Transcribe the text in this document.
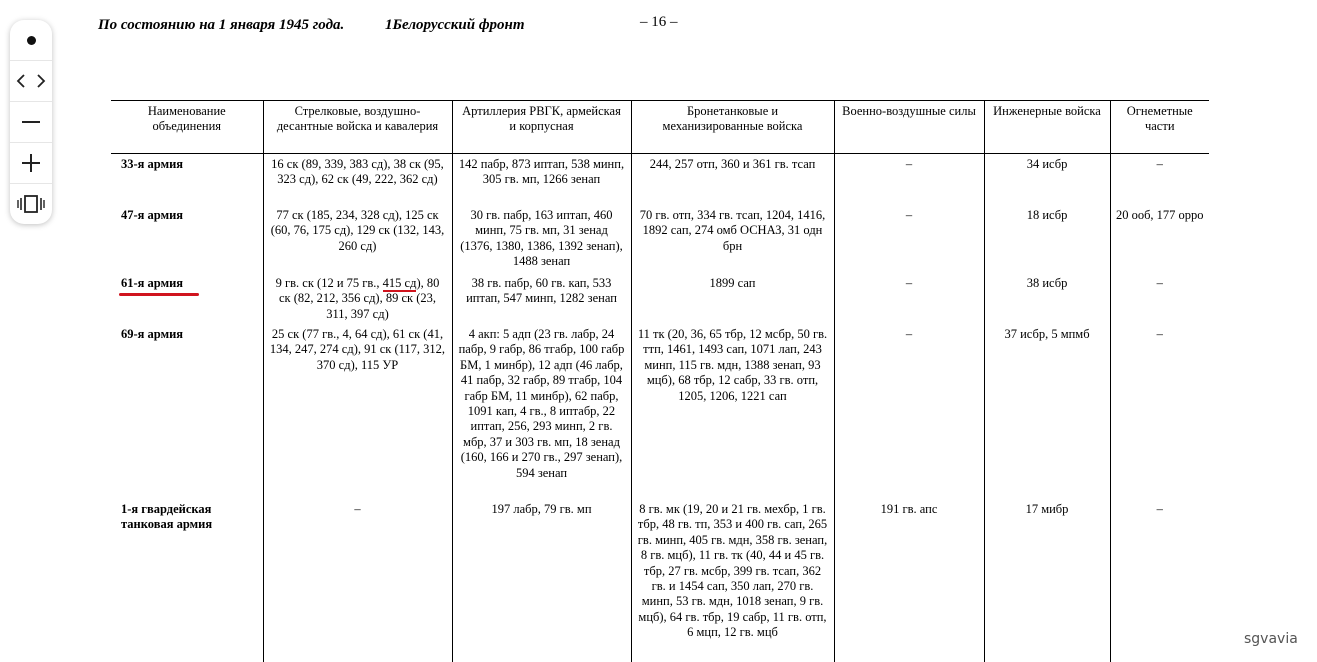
По состоянию на 1 января 1945 года.	1Белорусский фронт	– 16 –
Наименование объединения	Стрелковые, воздушно-десантные войска и кавалерия	Артиллерия РВГК, армейская и корпусная	Бронетанковые и механизированные войска	Военно-воздушные силы	Инженерные войска	Огнеметные части
33-я армия	16 ск (89, 339, 383 сд), 38 ск (95, 323 сд), 62 ск (49, 222, 362 сд)	142 пабр, 873 иптап, 538 минп, 305 гв. мп, 1266 зенап	244, 257 отп, 360 и 361 гв. тсап	–	34 исбр	–
47-я армия	77 ск (185, 234, 328 сд), 125 ск (60, 76, 175 сд), 129 ск (132, 143, 260 сд)	30 гв. пабр, 163 иптап, 460 минп, 75 гв. мп, 31 зенад (1376, 1380, 1386, 1392 зенап), 1488 зенап	70 гв. отп, 334 гв. тсап, 1204, 1416, 1892 сап, 274 омб ОСНАЗ, 31 одн бpн	–	18 исбр	20 ооб, 177 орро
61-я армия	9 гв. ск (12 и 75 гв., 415 сд), 80 ск (82, 212, 356 сд), 89 ск (23, 311, 397 сд)	38 гв. пабр, 60 гв. кап, 533 иптап, 547 минп, 1282 зенап	1899 сап	–	38 исбр	–
69-я армия	25 ск (77 гв., 4, 64 сд), 61 ск (41, 134, 247, 274 сд), 91 ск (117, 312, 370 сд), 115 УР	4 акп: 5 адп (23 гв. лабр, 24 пабр, 9 габр, 86 тгабр, 100 габр БМ, 1 минбр), 12 адп (46 лабр, 41 пабр, 32 габр, 89 тгабр, 104 габр БМ, 11 минбр), 62 пабр, 1091 кап, 4 гв., 8 иптабр, 22 иптап, 256, 293 минп, 2 гв. мбр, 37 и 303 гв. мп, 18 зенад (160, 166 и 270 гв., 297 зенап), 594 зенап	11 тк (20, 36, 65 тбр, 12 мсбр, 50 гв. ттп, 1461, 1493 сап, 1071 лап, 243 минп, 115 гв. мдн, 1388 зенап, 93 мцб), 68 тбр, 12 сабр, 33 гв. отп, 1205, 1206, 1221 сап	–	37 исбр, 5 мпмб	–
1-я гвардейская танковая армия	–	197 лабр, 79 гв. мп	8 гв. мк (19, 20 и 21 гв. мехбр, 1 гв. тбр, 48 гв. тп, 353 и 400 гв. сап, 265 гв. минп, 405 гв. мдн, 358 гв. зенап, 8 гв. мцб), 11 гв. тк (40, 44 и 45 гв. тбр, 27 гв. мсбр, 399 гв. тсап, 362 гв. и 1454 сап, 350 лап, 270 гв. минп, 53 гв. мдн, 1018 зенап, 9 гв. мцб), 64 гв. тбр, 19 сабр, 11 гв. отп, 6 мцп, 12 гв. мцб	191 гв. апс	17 мибр	–
sgvavia
